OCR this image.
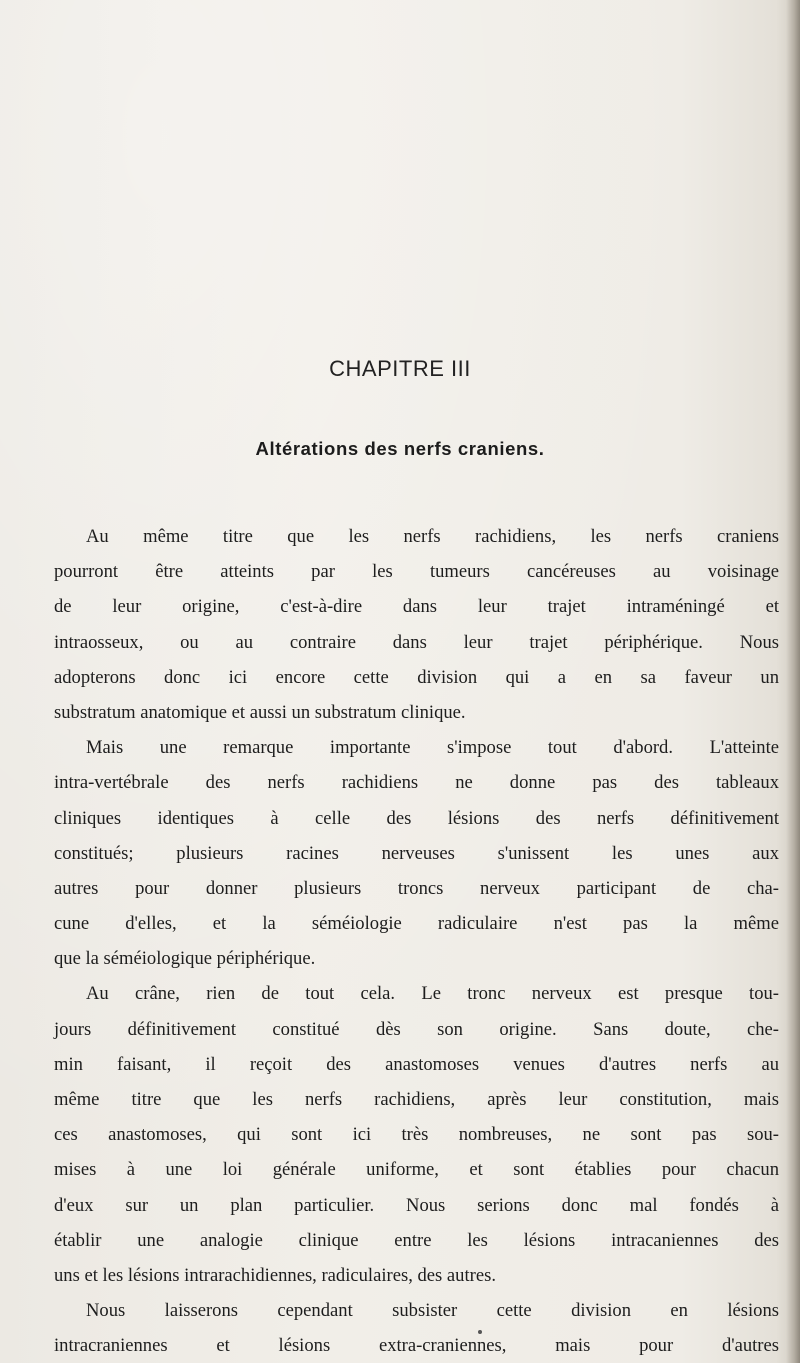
CHAPITRE III
Altérations des nerfs craniens.
Au même titre que les nerfs rachidiens, les nerfs craniens
pourront être atteints par les tumeurs cancéreuses au voisinage
de leur origine, c'est-à-dire dans leur trajet intraméningé et
intraosseux, ou au contraire dans leur trajet périphérique. Nous
adopterons donc ici encore cette division qui a en sa faveur un
substratum anatomique et aussi un substratum clinique.
Mais une remarque importante s'impose tout d'abord. L'atteinte
intra-vertébrale des nerfs rachidiens ne donne pas des tableaux
cliniques identiques à celle des lésions des nerfs définitivement
constitués; plusieurs racines nerveuses s'unissent les unes aux
autres pour donner plusieurs troncs nerveux participant de cha-
cune d'elles, et la séméiologie radiculaire n'est pas la même
que la séméiologique périphérique.
Au crâne, rien de tout cela. Le tronc nerveux est presque tou-
jours définitivement constitué dès son origine. Sans doute, che-
min faisant, il reçoit des anastomoses venues d'autres nerfs au
même titre que les nerfs rachidiens, après leur constitution, mais
ces anastomoses, qui sont ici très nombreuses, ne sont pas sou-
mises à une loi générale uniforme, et sont établies pour chacun
d'eux sur un plan particulier. Nous serions donc mal fondés à
établir une analogie clinique entre les lésions intracaniennes des
uns et les lésions intrarachidiennes, radiculaires, des autres.
Nous laisserons cependant subsister cette division en lésions
intracraniennes et lésions extra-craniennes, mais pour d'autres
